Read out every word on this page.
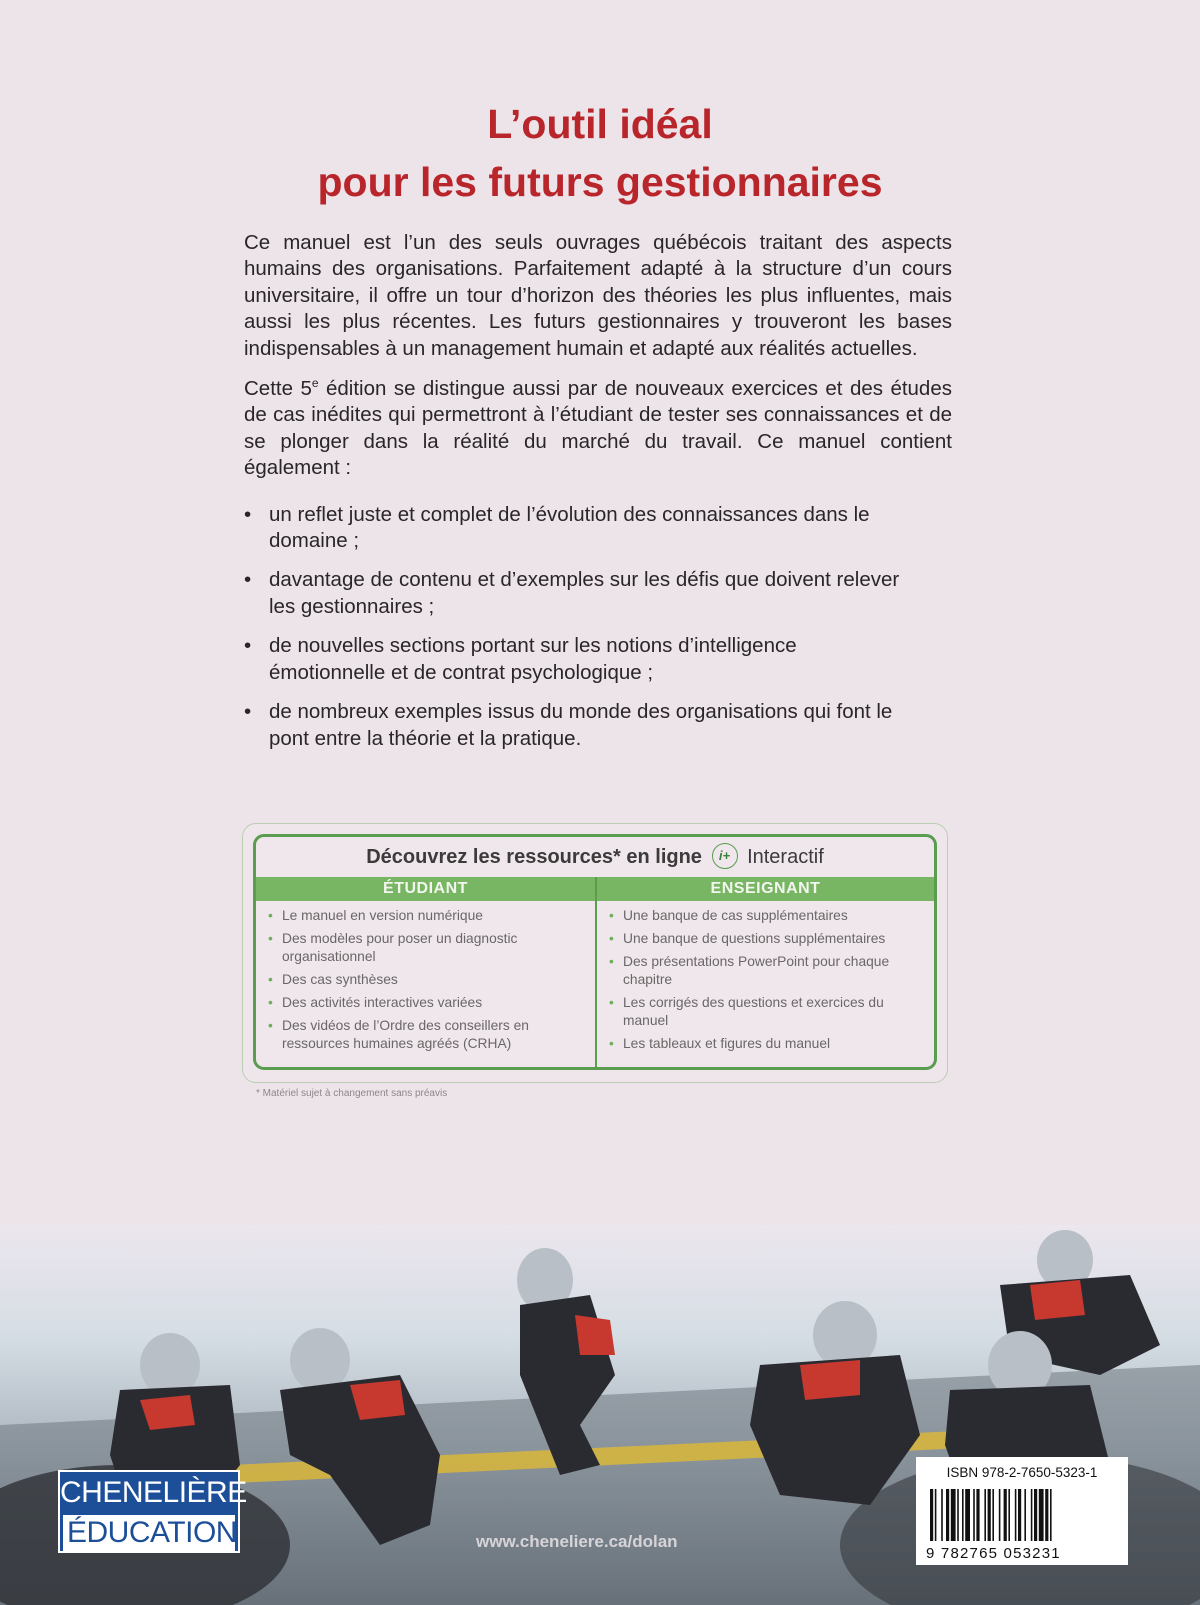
L’outil idéal
pour les futurs gestionnaires

Ce manuel est l’un des seuls ouvrages québécois traitant des aspects humains des organisations. Parfaitement adapté à la structure d’un cours universitaire, il offre un tour d’horizon des théories les plus influentes, mais aussi les plus récentes. Les futurs gestionnaires y trouveront les bases indispensables à un management humain et adapté aux réalités actuelles.

Cette 5e édition se distingue aussi par de nouveaux exercices et des études de cas inédites qui permettront à l’étudiant de tester ses connaissances et de se plonger dans la réalité du marché du travail. Ce manuel contient également :

• un reflet juste et complet de l’évolution des connaissances dans le domaine ;
• davantage de contenu et d’exemples sur les défis que doivent relever les gestionnaires ;
• de nouvelles sections portant sur les notions d’intelligence émotionnelle et de contrat psychologique ;
• de nombreux exemples issus du monde des organisations qui font le pont entre la théorie et la pratique.
Découvrez les ressources* en ligne i+ Interactif
ÉTUDIANT
• Le manuel en version numérique
• Des modèles pour poser un diagnostic organisationnel
• Des cas synthèses
• Des activités interactives variées
• Des vidéos de l’Ordre des conseillers en ressources humaines agréés (CRHA)
ENSEIGNANT
• Une banque de cas supplémentaires
• Une banque de questions supplémentaires
• Des présentations PowerPoint pour chaque chapitre
• Les corrigés des questions et exercices du manuel
• Les tableaux et figures du manuel
* Matériel sujet à changement sans préavis
CHENELIÈRE
ÉDUCATION	www.cheneliere.ca/dolan
ISBN 978-2-7650-5323-1
9 782765 053231
